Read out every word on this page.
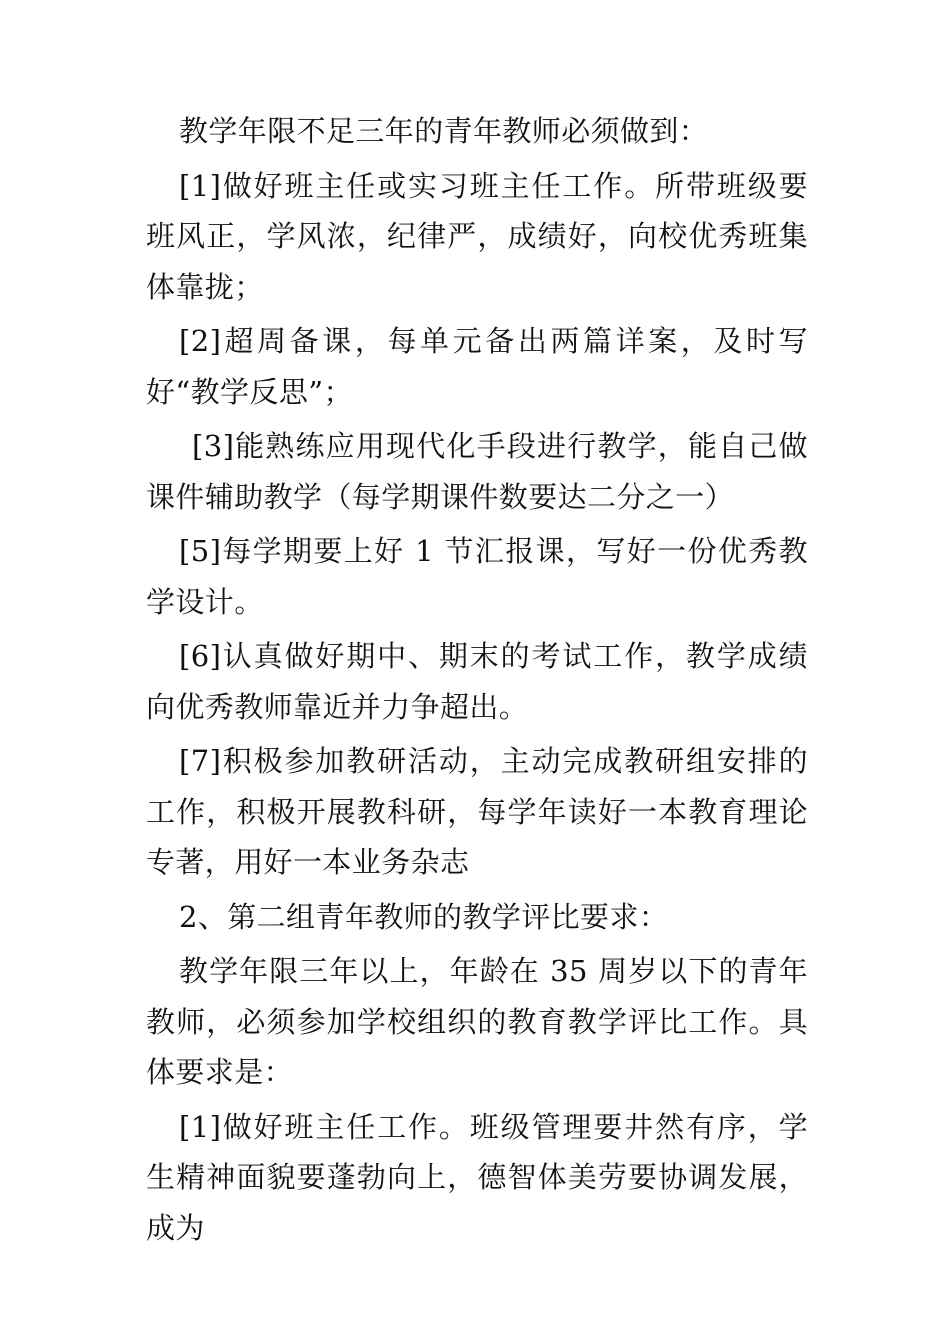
教学年限不足三年的青年教师必须做到：

[1]做好班主任或实习班主任工作。所带班级要班风正，学风浓，纪律严，成绩好，向校优秀班集体靠拢；

[2]超周备课，每单元备出两篇详案，及时写好“教学反思”；

[3]能熟练应用现代化手段进行教学，能自己做课件辅助教学（每学期课件数要达二分之一）

[5]每学期要上好 1 节汇报课，写好一份优秀教学设计。

[6]认真做好期中、期末的考试工作，教学成绩向优秀教师靠近并力争超出。

[7]积极参加教研活动，主动完成教研组安排的工作，积极开展教科研，每学年读好一本教育理论专著，用好一本业务杂志

2、第二组青年教师的教学评比要求：

教学年限三年以上，年龄在 35 周岁以下的青年教师，必须参加学校组织的教育教学评比工作。具体要求是：

[1]做好班主任工作。班级管理要井然有序，学生精神面貌要蓬勃向上，德智体美劳要协调发展，成为
